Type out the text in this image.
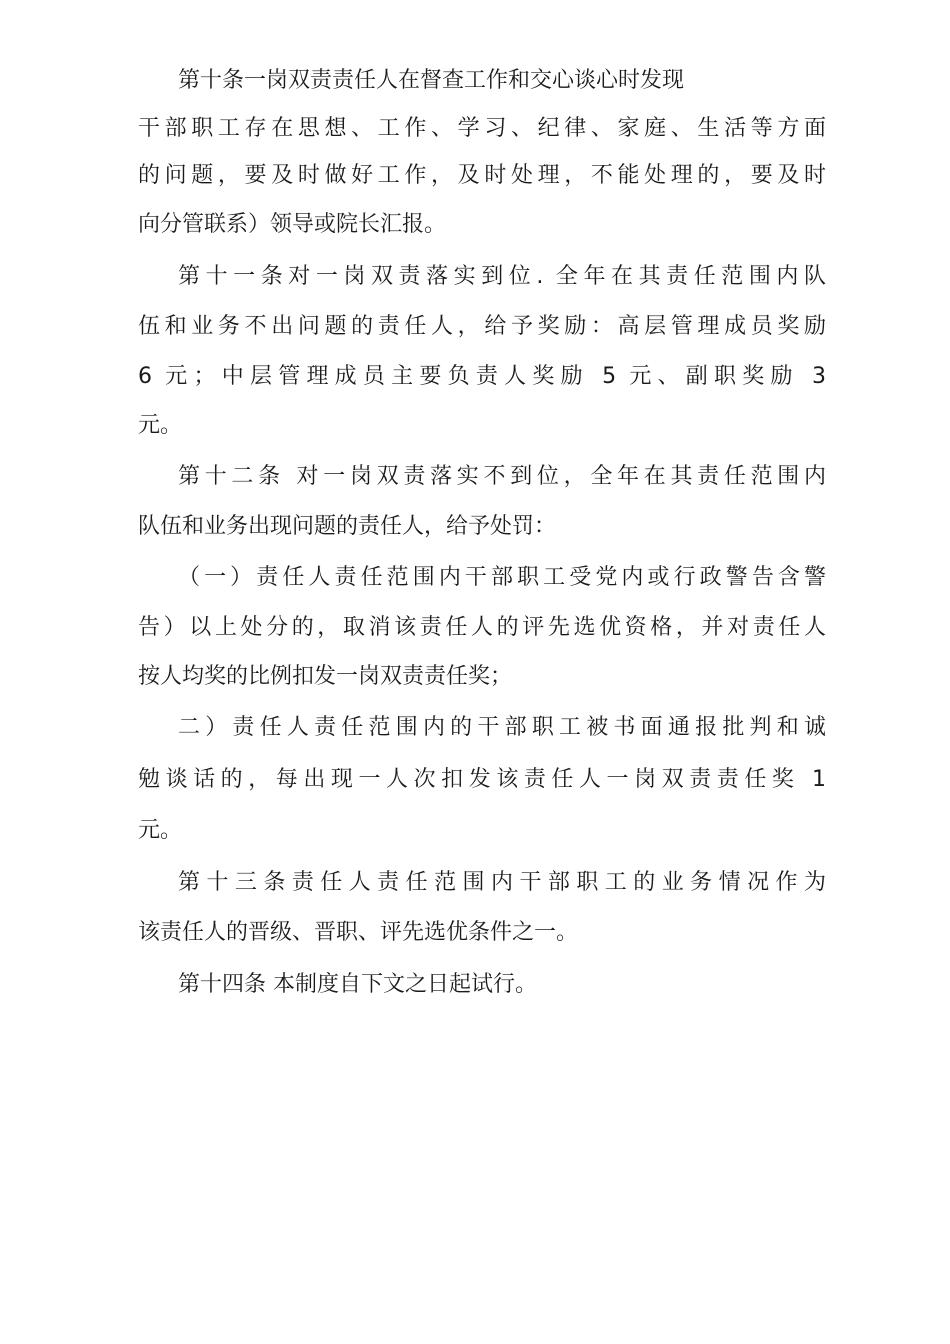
第十条一岗双责责任人在督查工作和交心谈心时发现
干部职工存在思想、工作、学习、纪律、家庭、生活等方面
的问题，要及时做好工作，及时处理，不能处理的，要及时
向分管联系）领导或院长汇报。
第十一条对一岗双责落实到位. 全年在其责任范围内队
伍和业务不出问题的责任人，给予奖励：高层管理成员奖励
6 元；中层管理成员主要负责人奖励 5 元、副职奖励 3
元。
第十二条 对一岗双责落实不到位，全年在其责任范围内
队伍和业务出现问题的责任人，给予处罚：
（一）责任人责任范围内干部职工受党内或行政警告含警
告）以上处分的，取消该责任人的评先选优资格，并对责任人
按人均奖的比例扣发一岗双责责任奖；
二）责任人责任范围内的干部职工被书面通报批判和诚
勉谈话的，每出现一人次扣发该责任人一岗双责责任奖 1
元。
第十三条责任人责任范围内干部职工的业务情况作为
该责任人的晋级、晋职、评先选优条件之一。
第十四条 本制度自下文之日起试行。
